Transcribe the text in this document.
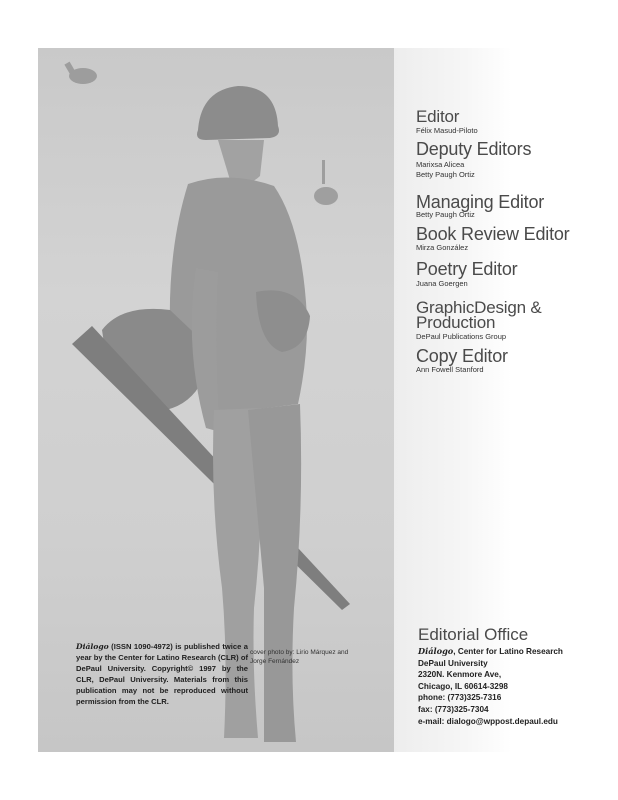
Editor
Félix Masud-Piloto
Deputy Editors
Marixsa Alicea
Betty Paugh Ortiz
Managing Editor
Betty Paugh Ortiz
Book Review Editor
Mirza González
Poetry Editor
Juana Goergen
GraphicDesign &
Production
DePaul Publications Group
Copy Editor
Ann Fowell Stanford
Diálogo (ISSN 1090-4972) is published twice a year by the Center for Latino Research (CLR) of DePaul University. Copyright© 1997 by the CLR, DePaul University. Materials from this publication may not be reproduced without permission from the CLR.
cover photo by: Lirio Márquez and Jorge Fernández
Editorial Office
Diálogo, Center for Latino Research
DePaul University
2320N. Kenmore Ave,
Chicago, IL 60614-3298
phone: (773)325-7316
fax: (773)325-7304
e-mail: dialogo@wppost.depaul.edu
